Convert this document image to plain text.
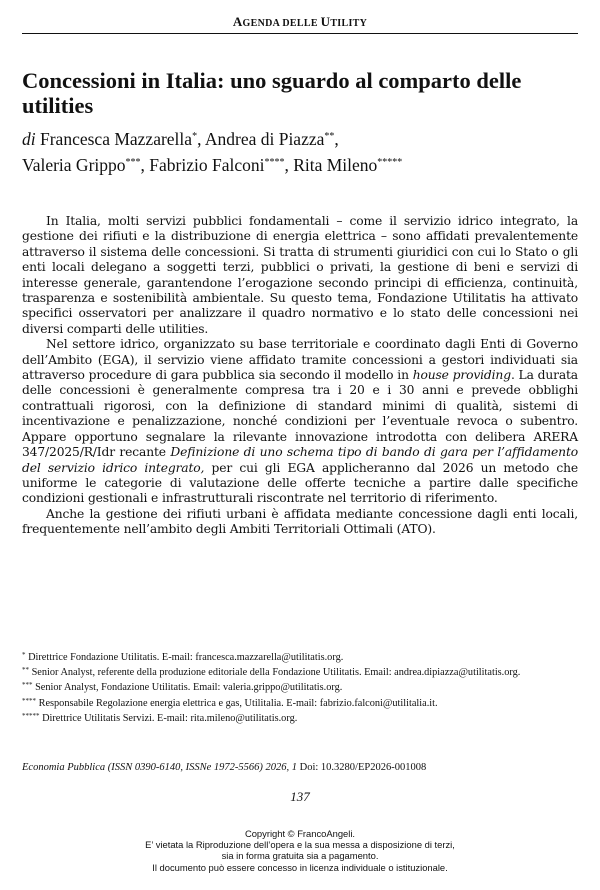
AGENDA DELLE UTILITY
Concessioni in Italia: uno sguardo al comparto delle utilities
di Francesca Mazzarella*, Andrea di Piazza**,
Valeria Grippo***, Fabrizio Falconi****, Rita Mileno*****

In Italia, molti servizi pubblici fondamentali – come il servizio idrico integrato, la gestione dei rifiuti e la distribuzione di energia elettrica – sono affidati prevalentemente attraverso il sistema delle concessioni. Si tratta di strumenti giuridici con cui lo Stato o gli enti locali delegano a soggetti terzi, pubblici o privati, la gestione di beni e servizi di interesse generale, garantendone l’erogazione secondo principi di efficienza, continuità, trasparenza e sostenibilità ambientale. Su questo tema, Fondazione Utilitatis ha attivato specifici osservatori per analizzare il quadro normativo e lo stato delle concessioni nei diversi comparti delle utilities.

Nel settore idrico, organizzato su base territoriale e coordinato dagli Enti di Governo dell’Ambito (EGA), il servizio viene affidato tramite concessioni a gestori individuati sia attraverso procedure di gara pubblica sia secondo il modello in house providing. La durata delle concessioni è generalmente compresa tra i 20 e i 30 anni e prevede obblighi contrattuali rigorosi, con la definizione di standard minimi di qualità, sistemi di incentivazione e penalizzazione, nonché condizioni per l’eventuale revoca o subentro. Appare opportuno segnalare la rilevante innovazione introdotta con delibera ARERA 347/2025/R/Idr recante Definizione di uno schema tipo di bando di gara per l’affidamento del servizio idrico integrato, per cui gli EGA applicheranno dal 2026 un metodo che uniforme le categorie di valutazione delle offerte tecniche a partire dalle specifiche condizioni gestionali e infrastrutturali riscontrate nel territorio di riferimento.

Anche la gestione dei rifiuti urbani è affidata mediante concessione dagli enti locali, frequentemente nell’ambito degli Ambiti Territoriali Ottimali (ATO).

* Direttrice Fondazione Utilitatis. E-mail: francesca.mazzarella@utilitatis.org.
** Senior Analyst, referente della produzione editoriale della Fondazione Utilitatis. Email: andrea.dipiazza@utilitatis.org.
*** Senior Analyst, Fondazione Utilitatis. Email: valeria.grippo@utilitatis.org.
**** Responsabile Regolazione energia elettrica e gas, Utilitalia. E-mail: fabrizio.falconi@utilitalia.it.
***** Direttrice Utilitatis Servizi. E-mail: rita.mileno@utilitatis.org.
Economia Pubblica (ISSN 0390-6140, ISSNe 1972-5566) 2026, 1 Doi: 10.3280/EP2026-001008
137
Copyright © FrancoAngeli.
E’ vietata la Riproduzione dell’opera e la sua messa a disposizione di terzi,
sia in forma gratuita sia a pagamento.
Il documento può essere concesso in licenza individuale o istituzionale.
